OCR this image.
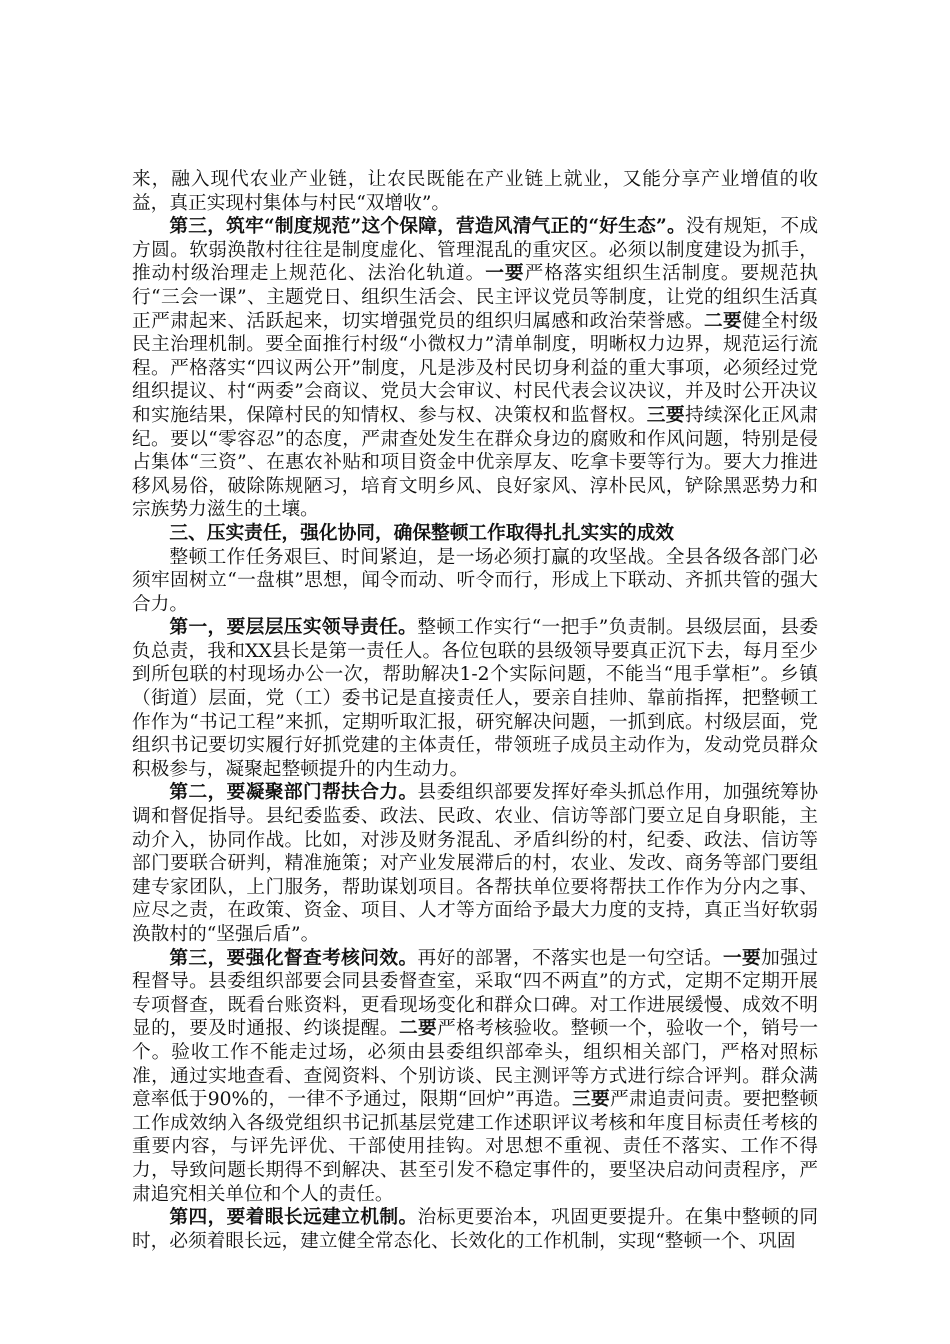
来，融入现代农业产业链，让农民既能在产业链上就业，又能分享产业增值的收益，真正实现村集体与村民“双增收”。

第三，筑牢“制度规范”这个保障，营造风清气正的“好生态”。没有规矩，不成方圆。软弱涣散村往往是制度虚化、管理混乱的重灾区。必须以制度建设为抓手，推动村级治理走上规范化、法治化轨道。一要严格落实组织生活制度。要规范执行“三会一课”、主题党日、组织生活会、民主评议党员等制度，让党的组织生活真正严肃起来、活跃起来，切实增强党员的组织归属感和政治荣誉感。二要健全村级民主治理机制。要全面推行村级“小微权力”清单制度，明晰权力边界，规范运行流程。严格落实“四议两公开”制度，凡是涉及村民切身利益的重大事项，必须经过党组织提议、村“两委”会商议、党员大会审议、村民代表会议决议，并及时公开决议和实施结果，保障村民的知情权、参与权、决策权和监督权。三要持续深化正风肃纪。要以“零容忍”的态度，严肃查处发生在群众身边的腐败和作风问题，特别是侵占集体“三资”、在惠农补贴和项目资金中优亲厚友、吃拿卡要等行为。要大力推进移风易俗，破除陈规陋习，培育文明乡风、良好家风、淳朴民风，铲除黑恶势力和宗族势力滋生的土壤。

三、压实责任，强化协同，确保整顿工作取得扎扎实实的成效

整顿工作任务艰巨、时间紧迫，是一场必须打赢的攻坚战。全县各级各部门必须牢固树立“一盘棋”思想，闻令而动、听令而行，形成上下联动、齐抓共管的强大合力。

第一，要层层压实领导责任。整顿工作实行“一把手”负责制。县级层面，县委负总责，我和XX县长是第一责任人。各位包联的县级领导要真正沉下去，每月至少到所包联的村现场办公一次，帮助解决1-2个实际问题，不能当“甩手掌柜”。乡镇（街道）层面，党（工）委书记是直接责任人，要亲自挂帅、靠前指挥，把整顿工作作为“书记工程”来抓，定期听取汇报，研究解决问题，一抓到底。村级层面，党组织书记要切实履行好抓党建的主体责任，带领班子成员主动作为，发动党员群众积极参与，凝聚起整顿提升的内生动力。

第二，要凝聚部门帮扶合力。县委组织部要发挥好牵头抓总作用，加强统筹协调和督促指导。县纪委监委、政法、民政、农业、信访等部门要立足自身职能，主动介入，协同作战。比如，对涉及财务混乱、矛盾纠纷的村，纪委、政法、信访等部门要联合研判，精准施策；对产业发展滞后的村，农业、发改、商务等部门要组建专家团队，上门服务，帮助谋划项目。各帮扶单位要将帮扶工作作为分内之事、应尽之责，在政策、资金、项目、人才等方面给予最大力度的支持，真正当好软弱涣散村的“坚强后盾”。

第三，要强化督查考核问效。再好的部署，不落实也是一句空话。一要加强过程督导。县委组织部要会同县委督查室，采取“四不两直”的方式，定期不定期开展专项督查，既看台账资料，更看现场变化和群众口碑。对工作进展缓慢、成效不明显的，要及时通报、约谈提醒。二要严格考核验收。整顿一个，验收一个，销号一个。验收工作不能走过场，必须由县委组织部牵头，组织相关部门，严格对照标准，通过实地查看、查阅资料、个别访谈、民主测评等方式进行综合评判。群众满意率低于90%的，一律不予通过，限期“回炉”再造。三要严肃追责问责。要把整顿工作成效纳入各级党组织书记抓基层党建工作述职评议考核和年度目标责任考核的重要内容，与评先评优、干部使用挂钩。对思想不重视、责任不落实、工作不得力，导致问题长期得不到解决、甚至引发不稳定事件的，要坚决启动问责程序，严肃追究相关单位和个人的责任。

第四，要着眼长远建立机制。治标更要治本，巩固更要提升。在集中整顿的同时，必须着眼长远，建立健全常态化、长效化的工作机制，实现“整顿一个、巩固
